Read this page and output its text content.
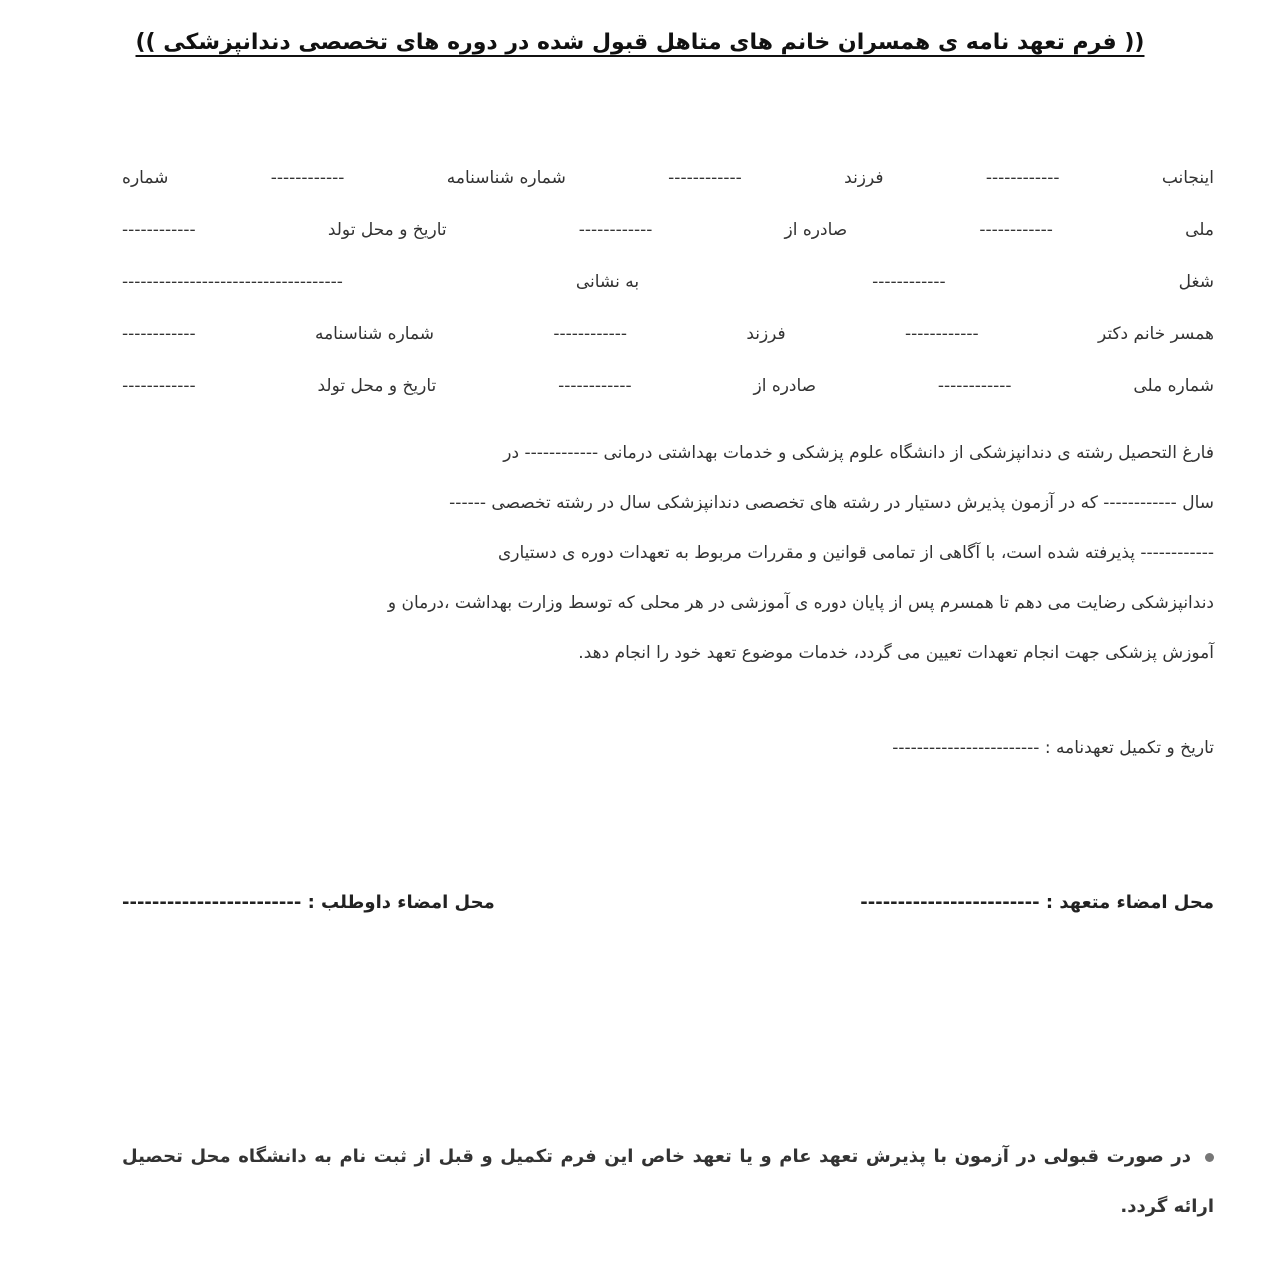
(( فرم تعهد نامه ی همسران خانم های متاهل قبول شده در دوره های تخصصی دندانپزشکی ))
اینجانب
------------
فرزند
------------
شماره شناسنامه
------------
شماره
ملی
------------
صادره از
------------
تاریخ و محل تولد
------------
شغل
------------
به نشانی
------------------------------------
همسر خانم دکتر
------------
فرزند
------------
شماره شناسنامه
------------
شماره ملی
------------
صادره از
------------
تاریخ و محل تولد
------------
فارغ التحصیل رشته ی دندانپزشکی از دانشگاه علوم پزشکی و خدمات بهداشتی درمانی ------------ در
سال ------------ که در آزمون پذیرش دستیار در رشته های تخصصی دندانپزشکی سال در رشته تخصصی ------
------------ پذیرفته شده است، با آگاهی از تمامی قوانین و مقررات مربوط به تعهدات دوره ی دستیاری
دندانپزشکی رضایت می دهم تا همسرم پس از پایان دوره ی آموزشی در هر محلی که توسط وزارت بهداشت ،درمان و
آموزش پزشکی جهت انجام تعهدات تعیین می گردد، خدمات موضوع تعهد خود را انجام دهد.
تاریخ و تکمیل تعهدنامه : ------------------------
محل امضاء متعهد : ------------------------
محل امضاء داوطلب : ------------------------
در صورت قبولی در آزمون با پذیرش تعهد عام و یا تعهد خاص این فرم تکمیل و قبل از ثبت نام به دانشگاه محل تحصیل ارائه گردد.
